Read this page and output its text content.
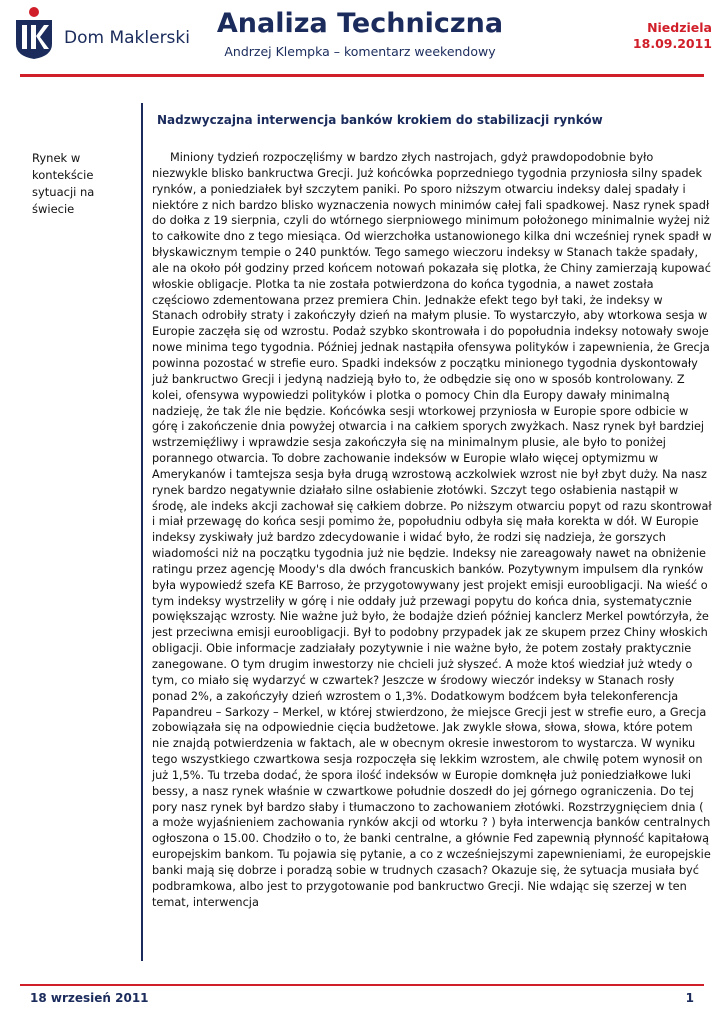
Dom Maklerski Analiza Techniczna
Andrzej Klempka – komentarz weekendowy
Niedziela
18.09.2011
Nadzwyczajna interwencja banków krokiem do stabilizacji rynków
Rynek w kontekście sytuacji na świecie
Miniony tydzień rozpoczęliśmy w bardzo złych nastrojach, gdyż prawdopodobnie było niezwykle blisko bankructwa Grecji. Już końcówka poprzedniego tygodnia przyniosła silny spadek rynków, a poniedziałek był szczytem paniki. Po sporo niższym otwarciu indeksy dalej spadały i niektóre z nich bardzo blisko wyznaczenia nowych minimów całej fali spadkowej. Nasz rynek spadł do dołka z 19 sierpnia, czyli do wtórnego sierpniowego minimum położonego minimalnie wyżej niż to całkowite dno z tego miesiąca. Od wierzchołka ustanowionego kilka dni wcześniej rynek spadł w błyskawicznym tempie o 240 punktów. Tego samego wieczoru indeksy w Stanach także spadały, ale na około pół godziny przed końcem notowań pokazała się plotka, że Chiny zamierzają kupować włoskie obligacje. Plotka ta nie została potwierdzona do końca tygodnia, a nawet została częściowo zdementowana przez premiera Chin. Jednakże efekt tego był taki, że indeksy w Stanach odrobiły straty i zakończyły dzień na małym plusie. To wystarczyło, aby wtorkowa sesja w Europie zaczęła się od wzrostu. Podaż szybko skontrowała i do popołudnia indeksy notowały swoje nowe minima tego tygodnia. Później jednak nastąpiła ofensywa polityków i zapewnienia, że Grecja powinna pozostać w strefie euro. Spadki indeksów z początku minionego tygodnia dyskontowały już bankructwo Grecji i jedyną nadzieją było to, że odbędzie się ono w sposób kontrolowany. Z kolei, ofensywa wypowiedzi polityków i plotka o pomocy Chin dla Europy dawały minimalną nadzieję, że tak źle nie będzie. Końcówka sesji wtorkowej przyniosła w Europie spore odbicie w górę i zakończenie dnia powyżej otwarcia i na całkiem sporych zwyżkach. Nasz rynek był bardziej wstrzemięźliwy i wprawdzie sesja zakończyła się na minimalnym plusie, ale było to poniżej porannego otwarcia. To dobre zachowanie indeksów w Europie wlało więcej optymizmu w Amerykanów i tamtejsza sesja była drugą wzrostową aczkolwiek wzrost nie był zbyt duży. Na nasz rynek bardzo negatywnie działało silne osłabienie złotówki. Szczyt tego osłabienia nastąpił w środę, ale indeks akcji zachował się całkiem dobrze. Po niższym otwarciu popyt od razu skontrował i miał przewagę do końca sesji pomimo że, popołudniu odbyła się mała korekta w dół. W Europie indeksy zyskiwały już bardzo zdecydowanie i widać było, że rodzi się nadzieja, że gorszych wiadomości niż na początku tygodnia już nie będzie. Indeksy nie zareagowały nawet na obniżenie ratingu przez agencję Moody's dla dwóch francuskich banków. Pozytywnym impulsem dla rynków była wypowiedź szefa KE Barroso, że przygotowywany jest projekt emisji euroobligacji. Na wieść o tym indeksy wystrzeliły w górę i nie oddały już przewagi popytu do końca dnia, systematycznie powiększając wzrosty. Nie ważne już było, że bodajże dzień później kanclerz Merkel powtórzyła, że jest przeciwna emisji euroobligacji. Był to podobny przypadek jak ze skupem przez Chiny włoskich obligacji. Obie informacje zadziałały pozytywnie i nie ważne było, że potem zostały praktycznie zanegowane. O tym drugim inwestorzy nie chcieli już słyszeć. A może ktoś wiedział już wtedy o tym, co miało się wydarzyć w czwartek? Jeszcze w środowy wieczór indeksy w Stanach rosły ponad 2%, a zakończyły dzień wzrostem o 1,3%. Dodatkowym bodźcem była telekonferencja Papandreu – Sarkozy – Merkel, w której stwierdzono, że miejsce Grecji jest w strefie euro, a Grecja zobowiązała się na odpowiednie cięcia budżetowe. Jak zwykle słowa, słowa, słowa, które potem nie znajdą potwierdzenia w faktach, ale w obecnym okresie inwestorom to wystarcza. W wyniku tego wszystkiego czwartkowa sesja rozpoczęła się lekkim wzrostem, ale chwilę potem wynosił on już 1,5%. Tu trzeba dodać, że spora ilość indeksów w Europie domknęła już poniedziałkowe luki bessy, a nasz rynek właśnie w czwartkowe południe doszedł do jej górnego ograniczenia. Do tej pory nasz rynek był bardzo słaby i tłumaczono to zachowaniem złotówki. Rozstrzygnięciem dnia ( a może wyjaśnieniem zachowania rynków akcji od wtorku ? ) była interwencja banków centralnych ogłoszona o 15.00. Chodziło o to, że banki centralne, a głównie Fed zapewnią płynność kapitałową europejskim bankom. Tu pojawia się pytanie, a co z wcześniejszymi zapewnieniami, że europejskie banki mają się dobrze i poradzą sobie w trudnych czasach? Okazuje się, że sytuacja musiała być podbramkowa, albo jest to przygotowanie pod bankructwo Grecji. Nie wdając się szerzej w ten temat, interwencja
18 wrzesień 2011	1
